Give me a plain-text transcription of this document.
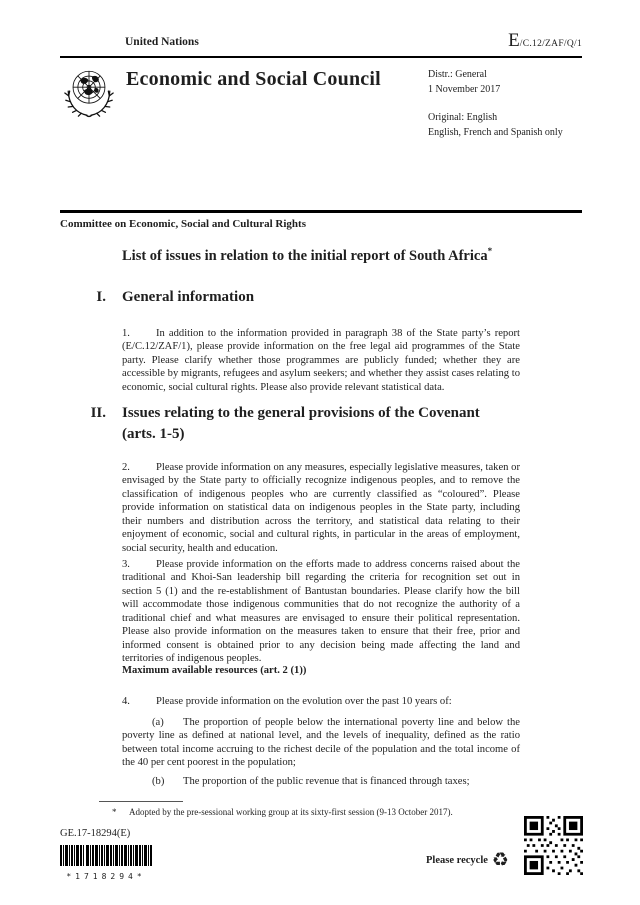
United Nations	E /C.12/ZAF/Q/1
Economic and Social Council	Distr.: General
1 November 2017
Original: English
English, French and Spanish only
Committee on Economic, Social and Cultural Rights
List of issues in relation to the initial report of South Africa*
I. General information

1. In addition to the information provided in paragraph 38 of the State party’s report (E/C.12/ZAF/1), please provide information on the free legal aid programmes of the State party. Please clarify whether those programmes are publicly funded; whether they are accessible by migrants, refugees and asylum seekers; and whether they assist cases relating to economic, social cultural rights. Please also provide relevant statistical data.

II. Issues relating to the general provisions of the Covenant
(arts. 1-5)

2. Please provide information on any measures, especially legislative measures, taken or envisaged by the State party to officially recognize indigenous peoples, and to remove the classification of indigenous peoples who are currently classified as “coloured”. Please provide information on statistical data on indigenous peoples in the State party, including their numbers and distribution across the territory, and statistical data relating to their enjoyment of economic, social and cultural rights, in particular in the areas of employment, social security, health and education.

3. Please provide information on the efforts made to address concerns raised about the traditional and Khoi-San leadership bill regarding the criteria for recognition set out in section 5 (1) and the re-establishment of Bantustan boundaries. Please clarify how the bill will accommodate those indigenous communities that do not recognize the authority of a traditional chief and what measures are envisaged to ensure their political representation. Please also provide information on the measures taken to ensure that their free, prior and informed consent is obtained prior to any decision being made affecting the land and territories of indigenous peoples.

Maximum available resources (art. 2 (1))

4. Please provide information on the evolution over the past 10 years of:

(a) The proportion of people below the international poverty line and below the poverty line as defined at national level, and the levels of inequality, defined as the ratio between total income accruing to the richest decile of the population and the total income of the 40 per cent poorest in the population;

(b) The proportion of the public revenue that is financed through taxes;

* Adopted by the pre-sessional working group at its sixty-first session (9-13 October 2017).
GE.17-18294(E)
*1718294*
Please recycle ♻
